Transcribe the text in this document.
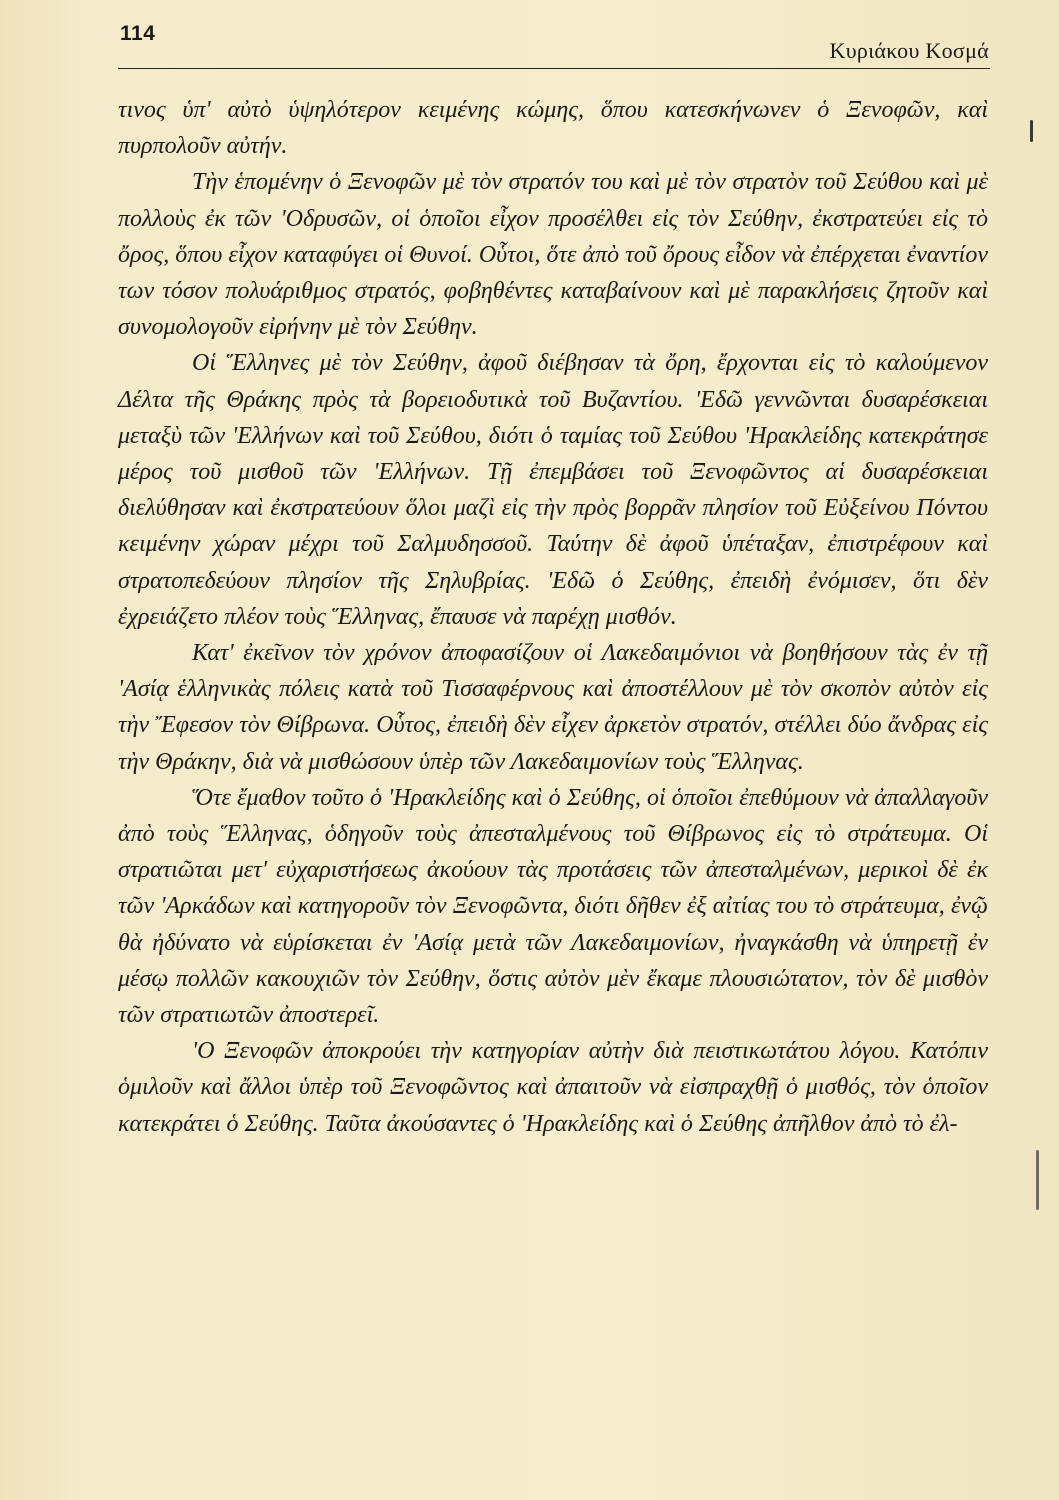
114
Κυριάκου Κοσμά

τινος ὑπ' αὐτὸ ὑψηλότερον κειμένης κώμης, ὅπου κατεσκήνωνεν ὁ Ξενοφῶν, καὶ πυρπολοῦν αὐτήν.

Τὴν ἑπομένην ὁ Ξενοφῶν μὲ τὸν στρατόν του καὶ μὲ τὸν στρατὸν τοῦ Σεύθου καὶ μὲ πολλοὺς ἐκ τῶν 'Οδρυσῶν, οἱ ὁποῖοι εἶχον προσέλθει εἰς τὸν Σεύθην, ἐκστρατεύει εἰς τὸ ὄρος, ὅπου εἶχον καταφύγει οἱ Θυνοί. Οὗτοι, ὅτε ἀπὸ τοῦ ὄρους εἶδον νὰ ἐπέρχεται ἐναντίον των τόσον πολυάριθμος στρατός, φοβηθέντες καταβαίνουν καὶ μὲ παρακλήσεις ζητοῦν καὶ συνομολογοῦν εἰρήνην μὲ τὸν Σεύθην.

Οἱ Ἕλληνες μὲ τὸν Σεύθην, ἀφοῦ διέβησαν τὰ ὄρη, ἔρχονται εἰς τὸ καλούμενον Δέλτα τῆς Θράκης πρὸς τὰ βορειοδυτικὰ τοῦ Βυζαντίου. 'Εδῶ γεννῶνται δυσαρέσκειαι μεταξὺ τῶν 'Ελλήνων καὶ τοῦ Σεύθου, διότι ὁ ταμίας τοῦ Σεύθου 'Ηρακλείδης κατεκράτησε μέρος τοῦ μισθοῦ τῶν 'Ελλήνων. Τῇ ἐπεμβάσει τοῦ Ξενοφῶντος αἱ δυσαρέσκειαι διελύθησαν καὶ ἐκστρατεύουν ὅλοι μαζὶ εἰς τὴν πρὸς βορρᾶν πλησίον τοῦ Εὐξείνου Πόντου κειμένην χώραν μέχρι τοῦ Σαλμυδησσοῦ. Ταύτην δὲ ἀφοῦ ὑπέταξαν, ἐπιστρέφουν καὶ στρατοπεδεύουν πλησίον τῆς Σηλυβρίας. 'Εδῶ ὁ Σεύθης, ἐπειδὴ ἐνόμισεν, ὅτι δὲν ἐχρειάζετο πλέον τοὺς Ἕλληνας, ἔπαυσε νὰ παρέχῃ μισθόν.

Κατ' ἐκεῖνον τὸν χρόνον ἀποφασίζουν οἱ Λακεδαιμόνιοι νὰ βοηθήσουν τὰς ἐν τῇ 'Ασίᾳ ἑλληνικὰς πόλεις κατὰ τοῦ Τισσαφέρνους καὶ ἀποστέλλουν μὲ τὸν σκοπὸν αὐτὸν εἰς τὴν Ἔφεσον τὸν Θίβρωνα. Οὗτος, ἐπειδὴ δὲν εἶχεν ἀρκετὸν στρατόν, στέλλει δύο ἄνδρας εἰς τὴν Θράκην, διὰ νὰ μισθώσουν ὑπὲρ τῶν Λακεδαιμονίων τοὺς Ἕλληνας.

Ὅτε ἔμαθον τοῦτο ὁ 'Ηρακλείδης καὶ ὁ Σεύθης, οἱ ὁποῖοι ἐπεθύμουν νὰ ἀπαλλαγοῦν ἀπὸ τοὺς Ἕλληνας, ὁδηγοῦν τοὺς ἀπεσταλμένους τοῦ Θίβρωνος εἰς τὸ στράτευμα. Οἱ στρατιῶται μετ' εὐχαριστήσεως ἀκούουν τὰς προτάσεις τῶν ἀπεσταλμένων, μερικοὶ δὲ ἐκ τῶν 'Αρκάδων καὶ κατηγοροῦν τὸν Ξενοφῶντα, διότι δῆθεν ἐξ αἰτίας του τὸ στράτευμα, ἐνῷ θὰ ἠδύνατο νὰ εὑρίσκεται ἐν 'Ασίᾳ μετὰ τῶν Λακεδαιμονίων, ἠναγκάσθη νὰ ὑπηρετῇ ἐν μέσῳ πολλῶν κακουχιῶν τὸν Σεύθην, ὅστις αὐτὸν μὲν ἔκαμε πλουσιώτατον, τὸν δὲ μισθὸν τῶν στρατιωτῶν ἀποστερεῖ.

'Ο Ξενοφῶν ἀποκρούει τὴν κατηγορίαν αὐτὴν διὰ πειστικωτάτου λόγου. Κατόπιν ὁμιλοῦν καὶ ἄλλοι ὑπὲρ τοῦ Ξενοφῶντος καὶ ἀπαιτοῦν νὰ εἰσπραχθῇ ὁ μισθός, τὸν ὁποῖον κατεκράτει ὁ Σεύθης. Ταῦτα ἀκούσαντες ὁ 'Ηρακλείδης καὶ ὁ Σεύθης ἀπῆλθον ἀπὸ τὸ ἐλ-
